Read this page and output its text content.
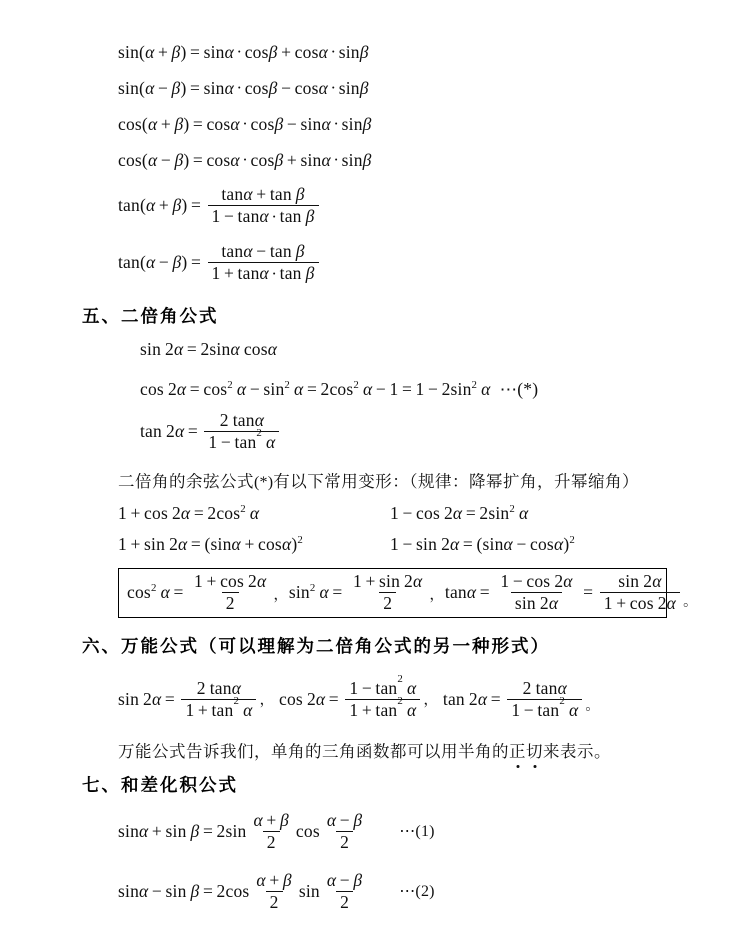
sin( α + β ) = sin α · cos β + cos α · sin β
sin( α − β ) = sin α · cos β − cos α · sin β
cos( α + β ) = cos α · cos β − sin α · sin β
cos( α − β ) = cos α · cos β + sin α · sin β
tan( α + β ) = $\frac{\text{tanα + tan β}}{\text{1 − tanα · tan β}}$
tan( α − β ) = $\frac{\text{tanα − tan β}}{\text{1 + tanα · tan β}}$
五、二倍角公式
sin 2 α = 2sin α cos α
cos 2 α = cos 2 α − sin 2 α = 2cos 2 α − 1 = 1 − 2sin 2 α ⋯(*)
tan 2 $\alpha = \frac{2 \tan\alpha}{1 - \tan^2 \alpha}$
二倍角的余弦公式(*)有以下常用变形：（规律：降幂扩角，升幂缩角）
1 + cos 2 α = 2cos 2 α	1 − cos 2 α = 2sin 2 α
1 + sin 2 α = (sin α + cos α ) 2	1 − sin 2 α = (sin α − cos α ) 2
cos 2 $\alpha = \frac{1 + \cos 2\alpha}{2}$ ， sin 2 $\alpha = \frac{1 + \sin 2\alpha}{2}$ ， $\tan \alpha = \frac{1 - \cos 2\alpha}{\sin 2\alpha} = \frac{\sin 2\alpha}{1 + \cos 2\alpha}$ 。
六、万能公式（可以理解为二倍角公式的另一种形式）
sin 2 $\alpha = \frac{2 \tan\alpha}{1 + \tan^2 \alpha}$ ， cos 2 $\alpha = \frac{1 - \tan^2 \alpha}{1 + \tan^2 \alpha}$ ， tan 2 $\alpha = \frac{2 \tan\alpha}{1 - \tan^2 \alpha}$ 。
万能公式告诉我们，单角的三角函数都可以用半角的正切来表示。
七、和差化积公式
$\sin \alpha + \sin \beta = 2\sin \frac{\alpha + \beta}{2}$ $\cos \frac{\alpha - \beta}{2}$ ⋯(1)
$\sin \alpha - \sin \beta = 2\cos \frac{\alpha + \beta}{2}$ $\sin \frac{\alpha - \beta}{2}$ ⋯(2)
